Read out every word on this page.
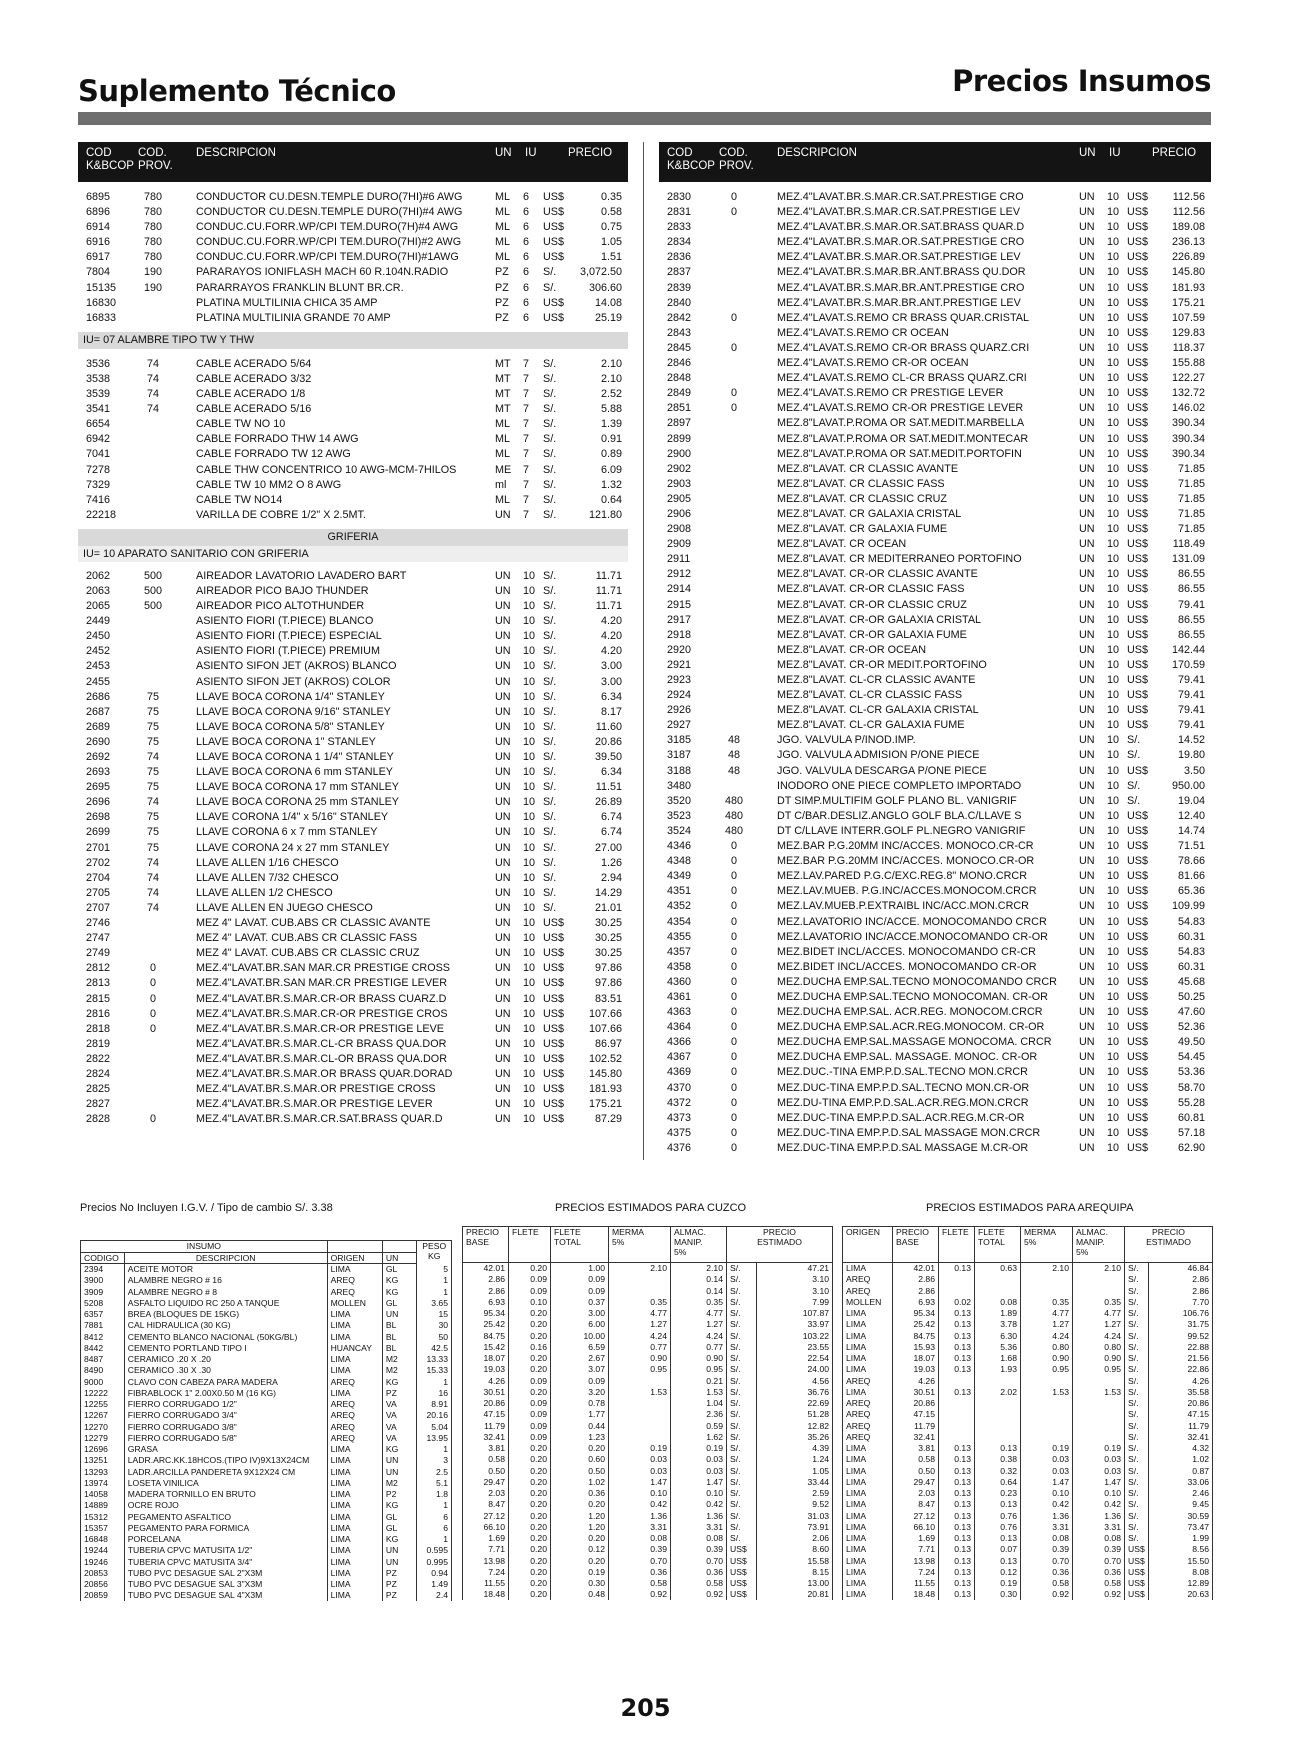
Suplemento Técnico	Precios Insumos
COD
K&BCOP
COD.
PROV.
DESCRIPCION	UN IU	PRECIO
6895	780	CONDUCTOR CU.DESN.TEMPLE DURO(7HI)#6 AWG	ML 6 US$	0.35
6896	780	CONDUCTOR CU.DESN.TEMPLE DURO(7HI)#4 AWG	ML 6 US$	0.58
6914	780	CONDUC.CU.FORR.WP/CPI TEM.DURO(7H)#4 AWG	ML 6 US$	0.75
6916	780	CONDUC.CU.FORR.WP/CPI TEM.DURO(7HI)#2 AWG	ML 6 US$	1.05
6917	780	CONDUC.CU.FORR.WP/CPI TEM.DURO(7HI)#1AWG	ML 6 US$	1.51
7804	190	PARARAYOS IONIFLASH MACH 60 R.104N.RADIO	PZ 6 S/. 3,072.50
15135	190	PARARRAYOS FRANKLIN BLUNT BR.CR.	PZ 6 S/.	306.60
16830	PLATINA MULTILINIA CHICA 35 AMP	PZ 6 US$	14.08
16833	PLATINA MULTILINIA GRANDE 70 AMP	PZ 6 US$	25.19
IU= 07 ALAMBRE TIPO TW Y THW
3536	74	CABLE ACERADO 5/64	MT 7 S/.	2.10
3538	74	CABLE ACERADO 3/32	MT 7 S/.	2.10
3539	74	CABLE ACERADO 1/8	MT 7 S/.	2.52
3541	74	CABLE ACERADO 5/16	MT 7 S/.	5.88
6654	CABLE TW NO 10	ML 7 S/.	1.39
6942	CABLE FORRADO THW 14 AWG	ML 7 S/.	0.91
7041	CABLE FORRADO TW 12 AWG	ML 7 S/.	0.89
7278	CABLE THW CONCENTRICO 10 AWG-MCM-7HILOS	ME 7 S/.	6.09
7329	CABLE TW 10 MM2 O 8 AWG	ml 7 S/.	1.32
7416	CABLE TW NO14	ML 7 S/.	0.64
22218	VARILLA DE COBRE 1/2" X 2.5MT.	UN 7 S/.	121.80
GRIFERIA
IU= 10 APARATO SANITARIO CON GRIFERIA
2062	500	AIREADOR LAVATORIO LAVADERO BART	UN 10 S/.	11.71
2063	500	AIREADOR PICO BAJO THUNDER	UN 10 S/.	11.71
2065	500	AIREADOR PICO ALTOTHUNDER	UN 10 S/.	11.71
2449	ASIENTO FIORI (T.PIECE) BLANCO	UN 10 S/.	4.20
2450	ASIENTO FIORI (T.PIECE) ESPECIAL	UN 10 S/.	4.20
2452	ASIENTO FIORI (T.PIECE) PREMIUM	UN 10 S/.	4.20
2453	ASIENTO SIFON JET (AKROS) BLANCO	UN 10 S/.	3.00
2455	ASIENTO SIFON JET (AKROS) COLOR	UN 10 S/.	3.00
2686	75	LLAVE BOCA CORONA 1/4" STANLEY	UN 10 S/.	6.34
2687	75	LLAVE BOCA CORONA 9/16" STANLEY	UN 10 S/.	8.17
2689	75	LLAVE BOCA CORONA 5/8" STANLEY	UN 10 S/.	11.60
2690	75	LLAVE BOCA CORONA 1" STANLEY	UN 10 S/.	20.86
2692	74	LLAVE BOCA CORONA 1 1/4" STANLEY	UN 10 S/.	39.50
2693	75	LLAVE BOCA CORONA 6 mm STANLEY	UN 10 S/.	6.34
2695	75	LLAVE BOCA CORONA 17 mm STANLEY	UN 10 S/.	11.51
2696	74	LLAVE BOCA CORONA 25 mm STANLEY	UN 10 S/.	26.89
2698	75	LLAVE CORONA 1/4" x 5/16" STANLEY	UN 10 S/.	6.74
2699	75	LLAVE CORONA 6 x 7 mm STANLEY	UN 10 S/.	6.74
2701	75	LLAVE CORONA 24 x 27 mm STANLEY	UN 10 S/.	27.00
2702	74	LLAVE ALLEN 1/16 CHESCO	UN 10 S/.	1.26
2704	74	LLAVE ALLEN 7/32 CHESCO	UN 10 S/.	2.94
2705	74	LLAVE ALLEN 1/2 CHESCO	UN 10 S/.	14.29
2707	74	LLAVE ALLEN EN JUEGO CHESCO	UN 10 S/.	21.01
2746	MEZ 4" LAVAT. CUB.ABS CR CLASSIC AVANTE	UN 10 US$	30.25
2747	MEZ 4" LAVAT. CUB.ABS CR CLASSIC FASS	UN 10 US$	30.25
2749	MEZ 4" LAVAT. CUB.ABS CR CLASSIC CRUZ	UN 10 US$	30.25
2812	0	MEZ.4"LAVAT.BR.SAN MAR.CR PRESTIGE CROSS	UN 10 US$	97.86
2813	0	MEZ.4"LAVAT.BR.SAN MAR.CR PRESTIGE LEVER	UN 10 US$	97.86
2815	0	MEZ.4"LAVAT.BR.S.MAR.CR-OR BRASS CUARZ.D	UN 10 US$	83.51
2816	0	MEZ.4"LAVAT.BR.S.MAR.CR-OR PRESTIGE CROS	UN 10 US$ 107.66
2818	0	MEZ.4"LAVAT.BR.S.MAR.CR-OR PRESTIGE LEVE	UN 10 US$ 107.66
2819	MEZ.4"LAVAT.BR.S.MAR.CL-CR BRASS QUA.DOR	UN 10 US$	86.97
2822	MEZ.4"LAVAT.BR.S.MAR.CL-OR BRASS QUA.DOR	UN 10 US$ 102.52
2824	MEZ.4"LAVAT.BR.S.MAR.OR BRASS QUAR.DORAD	UN 10 US$ 145.80
2825	MEZ.4"LAVAT.BR.S.MAR.OR PRESTIGE CROSS	UN 10 US$ 181.93
2827	MEZ.4"LAVAT.BR.S.MAR.OR PRESTIGE LEVER	UN 10 US$ 175.21
2828	0	MEZ.4"LAVAT.BR.S.MAR.CR.SAT.BRASS QUAR.D	UN 10 US$	87.29
COD
K&BCOP
COD.
PROV.
DESCRIPCION	UN IU	PRECIO
2830	0	MEZ.4"LAVAT.BR.S.MAR.CR.SAT.PRESTIGE CRO	UN 10 US$ 112.56
2831	0	MEZ.4"LAVAT.BR.S.MAR.CR.SAT.PRESTIGE LEV	UN 10 US$ 112.56
2833	MEZ.4"LAVAT.BR.S.MAR.OR.SAT.BRASS QUAR.D	UN 10 US$ 189.08
2834	MEZ.4"LAVAT.BR.S.MAR.OR.SAT.PRESTIGE CRO	UN 10 US$ 236.13
2836	MEZ.4"LAVAT.BR.S.MAR.OR.SAT.PRESTIGE LEV	UN 10 US$ 226.89
2837	MEZ.4"LAVAT.BR.S.MAR.BR.ANT.BRASS QU.DOR	UN 10 US$ 145.80
2839	MEZ.4"LAVAT.BR.S.MAR.BR.ANT.PRESTIGE CRO	UN 10 US$ 181.93
2840	MEZ.4"LAVAT.BR.S.MAR.BR.ANT.PRESTIGE LEV	UN 10 US$ 175.21
2842	0	MEZ.4"LAVAT.S.REMO CR BRASS QUAR.CRISTAL	UN 10 US$ 107.59
2843	MEZ.4"LAVAT.S.REMO CR OCEAN	UN 10 US$ 129.83
2845	0	MEZ.4"LAVAT.S.REMO CR-OR BRASS QUARZ.CRI	UN 10 US$ 118.37
2846	MEZ.4"LAVAT.S.REMO CR-OR OCEAN	UN 10 US$ 155.88
2848	MEZ.4"LAVAT.S.REMO CL-CR BRASS QUARZ.CRI	UN 10 US$ 122.27
2849	0	MEZ.4"LAVAT.S.REMO CR PRESTIGE LEVER	UN 10 US$ 132.72
2851	0	MEZ.4"LAVAT.S.REMO CR-OR PRESTIGE LEVER	UN 10 US$ 146.02
2897	MEZ.8"LAVAT.P.ROMA OR SAT.MEDIT.MARBELLA	UN 10 US$ 390.34
2899	MEZ.8"LAVAT.P.ROMA OR SAT.MEDIT.MONTECAR	UN 10 US$ 390.34
2900	MEZ.8"LAVAT.P.ROMA OR SAT.MEDIT.PORTOFIN	UN 10 US$ 390.34
2902	MEZ.8"LAVAT. CR CLASSIC AVANTE	UN 10 US$	71.85
2903	MEZ.8"LAVAT. CR CLASSIC FASS	UN 10 US$	71.85
2905	MEZ.8"LAVAT. CR CLASSIC CRUZ	UN 10 US$	71.85
2906	MEZ.8"LAVAT. CR GALAXIA CRISTAL	UN 10 US$	71.85
2908	MEZ.8"LAVAT. CR GALAXIA FUME	UN 10 US$	71.85
2909	MEZ.8"LAVAT. CR OCEAN	UN 10 US$ 118.49
2911	MEZ.8"LAVAT. CR MEDITERRANEO PORTOFINO	UN 10 US$ 131.09
2912	MEZ.8"LAVAT. CR-OR CLASSIC AVANTE	UN 10 US$	86.55
2914	MEZ.8"LAVAT. CR-OR CLASSIC FASS	UN 10 US$	86.55
2915	MEZ.8"LAVAT. CR-OR CLASSIC CRUZ	UN 10 US$	79.41
2917	MEZ.8"LAVAT. CR-OR GALAXIA CRISTAL	UN 10 US$	86.55
2918	MEZ.8"LAVAT. CR-OR GALAXIA FUME	UN 10 US$	86.55
2920	MEZ.8"LAVAT. CR-OR OCEAN	UN 10 US$ 142.44
2921	MEZ.8"LAVAT. CR-OR MEDIT.PORTOFINO	UN 10 US$ 170.59
2923	MEZ.8"LAVAT. CL-CR CLASSIC AVANTE	UN 10 US$	79.41
2924	MEZ.8"LAVAT. CL-CR CLASSIC FASS	UN 10 US$	79.41
2926	MEZ.8"LAVAT. CL-CR GALAXIA CRISTAL	UN 10 US$	79.41
2927	MEZ.8"LAVAT. CL-CR GALAXIA FUME	UN 10 US$	79.41
3185	48	JGO. VALVULA P/INOD.IMP.	UN 10 S/.	14.52
3187	48	JGO. VALVULA ADMISION P/ONE PIECE	UN 10 S/.	19.80
3188	48	JGO. VALVULA DESCARGA P/ONE PIECE	UN 10 US$	3.50
3480	INODORO ONE PIECE COMPLETO IMPORTADO	UN 10 S/.	950.00
3520	480	DT SIMP.MULTIFIM GOLF PLANO BL. VANIGRIF	UN 10 S/.	19.04
3523	480	DT C/BAR.DESLIZ.ANGLO GOLF BLA.C/LLAVE S	UN 10 US$	12.40
3524	480	DT C/LLAVE INTERR.GOLF PL.NEGRO VANIGRIF	UN 10 US$	14.74
4346	0	MEZ.BAR P.G.20MM INC/ACCES. MONOCO.CR-CR	UN 10 US$	71.51
4348	0	MEZ.BAR P.G.20MM INC/ACCES. MONOCO.CR-OR	UN 10 US$	78.66
4349	0	MEZ.LAV.PARED P.G.C/EXC.REG.8" MONO.CRCR	UN 10 US$	81.66
4351	0	MEZ.LAV.MUEB. P.G.INC/ACCES.MONOCOM.CRCR	UN 10 US$	65.36
4352	0	MEZ.LAV.MUEB.P.EXTRAIBL INC/ACC.MON.CRCR	UN 10 US$ 109.99
4354	0	MEZ.LAVATORIO INC/ACCE. MONOCOMANDO CRCR	UN 10 US$	54.83
4355	0	MEZ.LAVATORIO INC/ACCE.MONOCOMANDO CR-OR	UN 10 US$	60.31
4357	0	MEZ.BIDET INCL/ACCES. MONOCOMANDO CR-CR	UN 10 US$	54.83
4358	0	MEZ.BIDET INCL/ACCES. MONOCOMANDO CR-OR	UN 10 US$	60.31
4360	0	MEZ.DUCHA EMP.SAL.TECNO MONOCOMANDO CRCR UN 10 US$	45.68
4361	0	MEZ.DUCHA EMP.SAL.TECNO MONOCOMAN. CR-OR	UN 10 US$	50.25
4363	0	MEZ.DUCHA EMP.SAL. ACR.REG. MONOCOM.CRCR	UN 10 US$	47.60
4364	0	MEZ.DUCHA EMP.SAL.ACR.REG.MONOCOM. CR-OR	UN 10 US$	52.36
4366	0	MEZ.DUCHA EMP.SAL.MASSAGE MONOCOMA. CRCR	UN 10 US$	49.50
4367	0	MEZ.DUCHA EMP.SAL. MASSAGE. MONOC. CR-OR	UN 10 US$	54.45
4369	0	MEZ.DUC.-TINA EMP.P.D.SAL.TECNO MON.CRCR	UN 10 US$	53.36
4370	0	MEZ.DUC-TINA EMP.P.D.SAL.TECNO MON.CR-OR	UN 10 US$	58.70
4372	0	MEZ.DU-TINA EMP.P.D.SAL.ACR.REG.MON.CRCR	UN 10 US$	55.28
4373	0	MEZ.DUC-TINA EMP.P.D.SAL.ACR.REG.M.CR-OR	UN 10 US$	60.81
4375	0	MEZ.DUC-TINA EMP.P.D.SAL MASSAGE MON.CRCR	UN 10 US$	57.18
4376	0	MEZ.DUC-TINA EMP.P.D.SAL MASSAGE M.CR-OR	UN 10 US$	62.90
Precios No Incluyen I.G.V. / Tipo de cambio S/. 3.38	PRECIOS ESTIMADOS PARA CUZCO	PRECIOS ESTIMADOS PARA AREQUIPA
INSUMO				PESO
KG
CODIGO	DESCRIPCION	ORIGEN	UN	
2394	ACEITE MOTOR	LIMA	GL	5
3900	ALAMBRE NEGRO # 16	AREQ	KG	1
3909	ALAMBRE NEGRO # 8	AREQ	KG	1
5208	ASFALTO LIQUIDO RC 250 A TANQUE	MOLLEN	GL	3.65
6357	BREA (BLOQUES DE 15KG)	LIMA	UN	15
7881	CAL HIDRAULICA (30 KG)	LIMA	BL	30
8412	CEMENTO BLANCO NACIONAL (50KG/BL)	LIMA	BL	50
8442	CEMENTO PORTLAND TIPO I	HUANCAY	BL	42.5
8487	CERAMICO .20 X .20	LIMA	M2	13.33
8490	CERAMICO .30 X .30	LIMA	M2	15.33
9000	CLAVO CON CABEZA PARA MADERA	AREQ	KG	1
12222	FIBRABLOCK 1" 2.00X0.50 M (16 KG)	LIMA	PZ	16
12255	FIERRO CORRUGADO 1/2"	AREQ	VA	8.91
12267	FIERRO CORRUGADO 3/4"	AREQ	VA	20.16
12270	FIERRO CORRUGADO 3/8"	AREQ	VA	5.04
12279	FIERRO CORRUGADO 5/8"	AREQ	VA	13.95
12696	GRASA	LIMA	KG	1
13251	LADR.ARC.KK.18HCOS.(TIPO IV)9X13X24CM	LIMA	UN	3
13293	LADR.ARCILLA PANDERETA 9X12X24 CM	LIMA	UN	2.5
13974	LOSETA VINILICA	LIMA	M2	5.1
14058	MADERA TORNILLO EN BRUTO	LIMA	P2	1.8
14889	OCRE ROJO	LIMA	KG	1
15312	PEGAMENTO ASFALTICO	LIMA	GL	6
15357	PEGAMENTO PARA FORMICA	LIMA	GL	6
16848	PORCELANA	LIMA	KG	1
19244	TUBERIA CPVC MATUSITA 1/2"	LIMA	UN	0.595
19246	TUBERIA CPVC MATUSITA 3/4"	LIMA	UN	0.995
20853	TUBO PVC DESAGUE SAL 2"X3M	LIMA	PZ	0.94
20856	TUBO PVC DESAGUE SAL 3"X3M	LIMA	PZ	1.49
20859	TUBO PVC DESAGUE SAL 4"X3M	LIMA	PZ	2.4
PRECIO
BASE	FLETE	FLETE
TOTAL	MERMA
5%	ALMAC.
MANIP.
5%	PRECIO
ESTIMADO	
42.01	0.20	1.00	2.10	2.10	S/.	47.21
2.86	0.09	0.09		0.14	S/.	3.10
2.86	0.09	0.09		0.14	S/.	3.10
6.93	0.10	0.37	0.35	0.35	S/.	7.99
95.34	0.20	3.00	4.77	4.77	S/.	107.87
25.42	0.20	6.00	1.27	1.27	S/.	33.97
84.75	0.20	10.00	4.24	4.24	S/.	103.22
15.42	0.16	6.59	0.77	0.77	S/.	23.55
18.07	0.20	2.67	0.90	0.90	S/.	22.54
19.03	0.20	3.07	0.95	0.95	S/.	24.00
4.26	0.09	0.09		0.21	S/.	4.56
30.51	0.20	3.20	1.53	1.53	S/.	36.76
20.86	0.09	0.78		1.04	S/.	22.69
47.15	0.09	1.77		2.36	S/.	51.28
11.79	0.09	0.44		0.59	S/.	12.82
32.41	0.09	1.23		1.62	S/.	35.26
3.81	0.20	0.20	0.19	0.19	S/.	4.39
0.58	0.20	0.60	0.03	0.03	S/.	1.24
0.50	0.20	0.50	0.03	0.03	S/.	1.05
29.47	0.20	1.02	1.47	1.47	S/.	33.44
2.03	0.20	0.36	0.10	0.10	S/.	2.59
8.47	0.20	0.20	0.42	0.42	S/.	9.52
27.12	0.20	1.20	1.36	1.36	S/.	31.03
66.10	0.20	1.20	3.31	3.31	S/.	73.91
1.69	0.20	0.20	0.08	0.08	S/.	2.06
7.71	0.20	0.12	0.39	0.39	US$	8.60
13.98	0.20	0.20	0.70	0.70	US$	15.58
7.24	0.20	0.19	0.36	0.36	US$	8.15
11.55	0.20	0.30	0.58	0.58	US$	13.00
18.48	0.20	0.48	0.92	0.92	US$	20.81
ORIGEN	PRECIO
BASE	FLETE	FLETE
TOTAL	MERMA
5%	ALMAC.
MANIP.
5%	PRECIO
ESTIMADO	
LIMA	42.01	0.13	0.63	2.10	2.10	S/.	46.84
AREQ	2.86					S/.	2.86
AREQ	2.86					S/.	2.86
MOLLEN	6.93	0.02	0.08	0.35	0.35	S/.	7.70
LIMA	95.34	0.13	1.89	4.77	4.77	S/.	106.76
LIMA	25.42	0.13	3.78	1.27	1.27	S/.	31.75
LIMA	84.75	0.13	6.30	4.24	4.24	S/.	99.52
LIMA	15.93	0.13	5.36	0.80	0.80	S/.	22.88
LIMA	18.07	0.13	1.68	0.90	0.90	S/.	21.56
LIMA	19.03	0.13	1.93	0.95	0.95	S/.	22.86
AREQ	4.26					S/.	4.26
LIMA	30.51	0.13	2.02	1.53	1.53	S/.	35.58
AREQ	20.86					S/.	20.86
AREQ	47.15					S/.	47.15
AREQ	11.79					S/.	11.79
AREQ	32.41					S/.	32.41
LIMA	3.81	0.13	0.13	0.19	0.19	S/.	4.32
LIMA	0.58	0.13	0.38	0.03	0.03	S/.	1.02
LIMA	0.50	0.13	0.32	0.03	0.03	S/.	0.87
LIMA	29.47	0.13	0.64	1.47	1.47	S/.	33.06
LIMA	2.03	0.13	0.23	0.10	0.10	S/.	2.46
LIMA	8.47	0.13	0.13	0.42	0.42	S/.	9.45
LIMA	27.12	0.13	0.76	1.36	1.36	S/.	30.59
LIMA	66.10	0.13	0.76	3.31	3.31	S/.	73.47
LIMA	1.69	0.13	0.13	0.08	0.08	S/.	1.99
LIMA	7.71	0.13	0.07	0.39	0.39	US$	8.56
LIMA	13.98	0.13	0.13	0.70	0.70	US$	15.50
LIMA	7.24	0.13	0.12	0.36	0.36	US$	8.08
LIMA	11.55	0.13	0.19	0.58	0.58	US$	12.89
LIMA	18.48	0.13	0.30	0.92	0.92	US$	20.63
205
